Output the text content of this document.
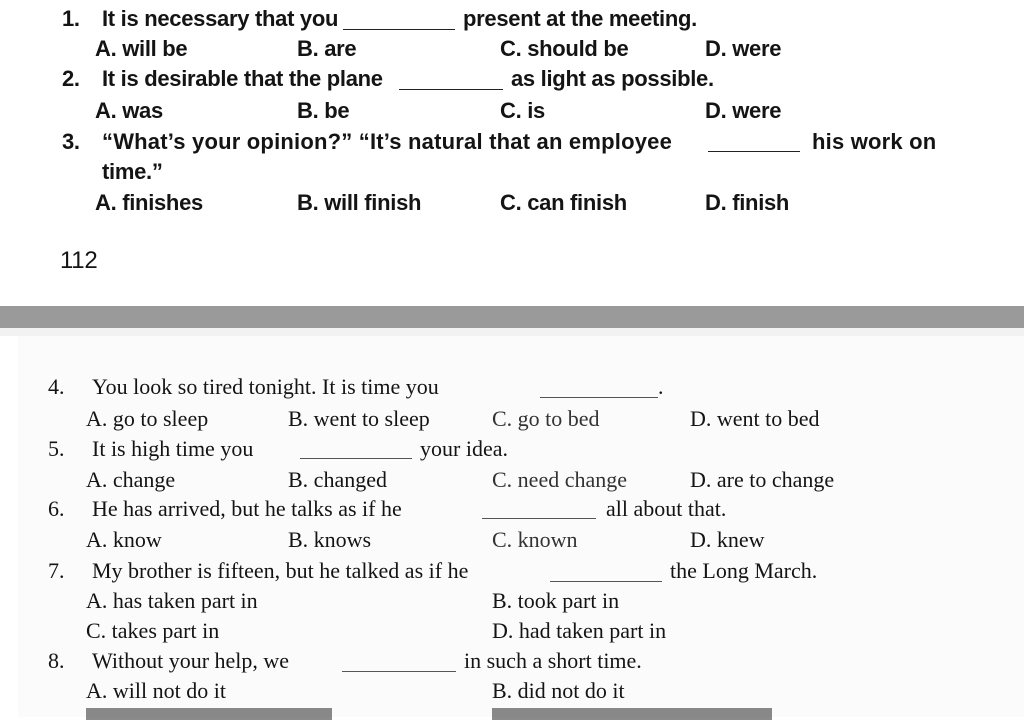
1. It is necessary that you	present at the meeting.
A. will be	B. are	C. should be	D. were
2. It is desirable that the plane	as light as possible.
A. was	B. be	C. is	D. were
3. “What’s your opinion?” “It’s natural that an employee	his work on
time.”
A. finishes	B. will finish	C. can finish	D. finish
112
4. You look so tired tonight. It is time you	.
A. go to sleep	B. went to sleep	C. go to bed	D. went to bed
5. It is high time you	your idea.
A. change	B. changed	C. need change	D. are to change
6. He has arrived, but he talks as if he	all about that.
A. know	B. knows	C. known	D. knew
7. My brother is fifteen, but he talked as if he	the Long March.
A. has taken part in	B. took part in
C. takes part in	D. had taken part in
8. Without your help, we	in such a short time.
A. will not do it	B. did not do it
